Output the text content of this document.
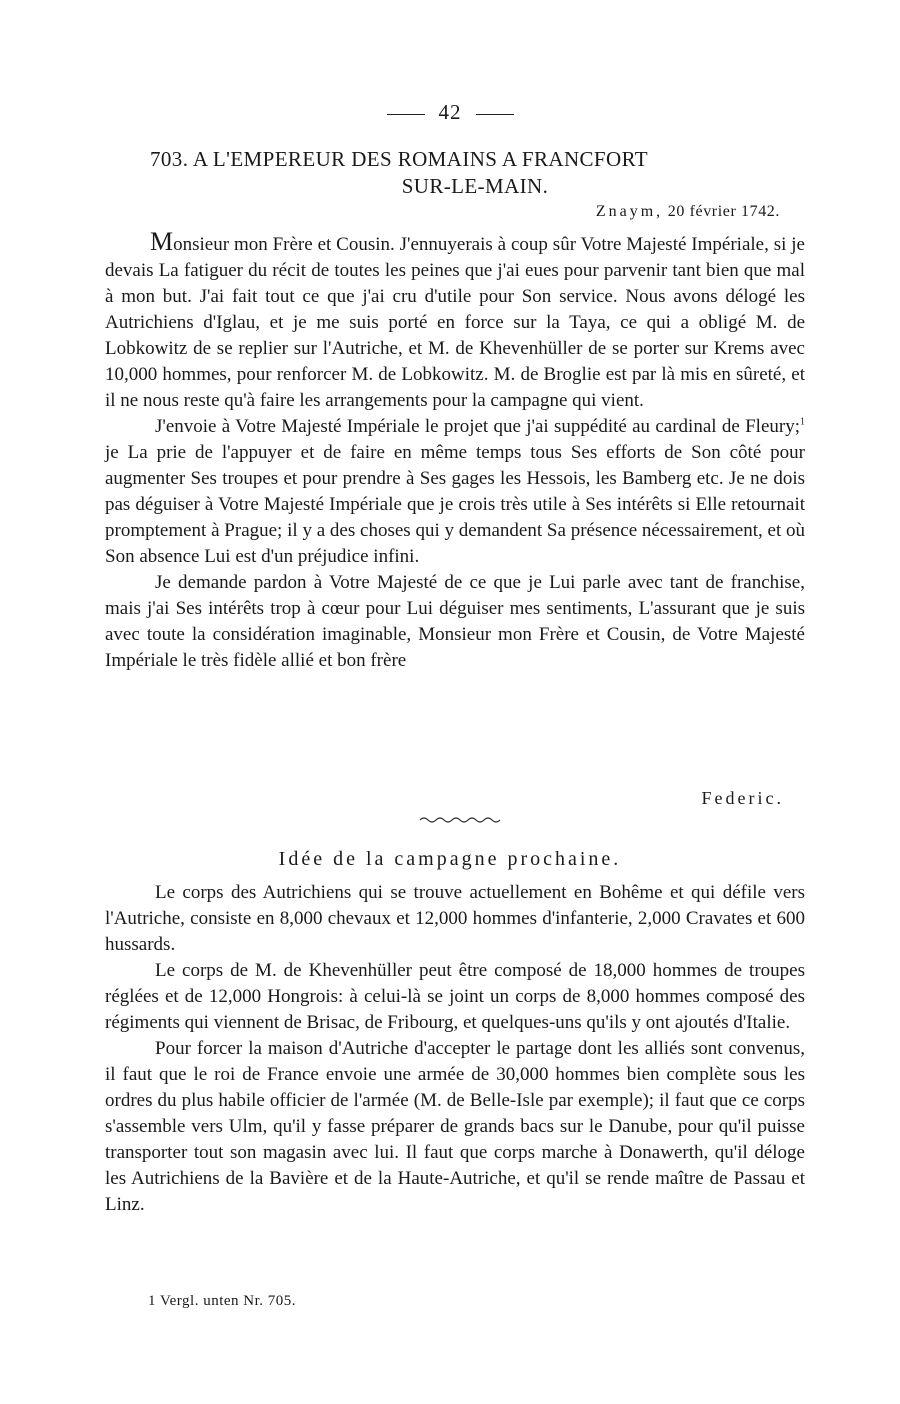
42
703. A L'EMPEREUR DES ROMAINS A FRANCFORT
SUR-LE-MAIN.
Znaym, 20 février 1742.

Monsieur mon Frère et Cousin. J'ennuyerais à coup sûr Votre Majesté Impériale, si je devais La fatiguer du récit de toutes les peines que j'ai eues pour parvenir tant bien que mal à mon but. J'ai fait tout ce que j'ai cru d'utile pour Son service. Nous avons délogé les Autrichiens d'Iglau, et je me suis porté en force sur la Taya, ce qui a obligé M. de Lobkowitz de se replier sur l'Autriche, et M. de Khevenhüller de se porter sur Krems avec 10,000 hommes, pour renforcer M. de Lobkowitz. M. de Broglie est par là mis en sûreté, et il ne nous reste qu'à faire les arrangements pour la campagne qui vient.

J'envoie à Votre Majesté Impériale le projet que j'ai suppédité au cardinal de Fleury;$^1$ je La prie de l'appuyer et de faire en même temps tous Ses efforts de Son côté pour augmenter Ses troupes et pour prendre à Ses gages les Hessois, les Bamberg etc. Je ne dois pas déguiser à Votre Majesté Impériale que je crois très utile à Ses intérêts si Elle retournait promptement à Prague; il y a des choses qui y demandent Sa présence nécessairement, et où Son absence Lui est d'un préjudice infini.

Je demande pardon à Votre Majesté de ce que je Lui parle avec tant de franchise, mais j'ai Ses intérêts trop à cœur pour Lui déguiser mes sentiments, L'assurant que je suis avec toute la considération imaginable, Monsieur mon Frère et Cousin, de Votre Majesté Impériale le très fidèle allié et bon frère

Federic.
Idée de la campagne prochaine.

Le corps des Autrichiens qui se trouve actuellement en Bohême et qui défile vers l'Autriche, consiste en 8,000 chevaux et 12,000 hommes d'infanterie, 2,000 Cravates et 600 hussards.

Le corps de M. de Khevenhüller peut être composé de 18,000 hommes de troupes réglées et de 12,000 Hongrois: à celui-là se joint un corps de 8,000 hommes composé des régiments qui viennent de Brisac, de Fribourg, et quelques-uns qu'ils y ont ajoutés d'Italie.

Pour forcer la maison d'Autriche d'accepter le partage dont les alliés sont convenus, il faut que le roi de France envoie une armée de 30,000 hommes bien complète sous les ordres du plus habile officier de l'armée (M. de Belle-Isle par exemple); il faut que ce corps s'assemble vers Ulm, qu'il y fasse préparer de grands bacs sur le Danube, pour qu'il puisse transporter tout son magasin avec lui. Il faut que corps marche à Donawerth, qu'il déloge les Autrichiens de la Bavière et de la Haute-Autriche, et qu'il se rende maître de Passau et Linz.

1 Vergl. unten Nr. 705.
